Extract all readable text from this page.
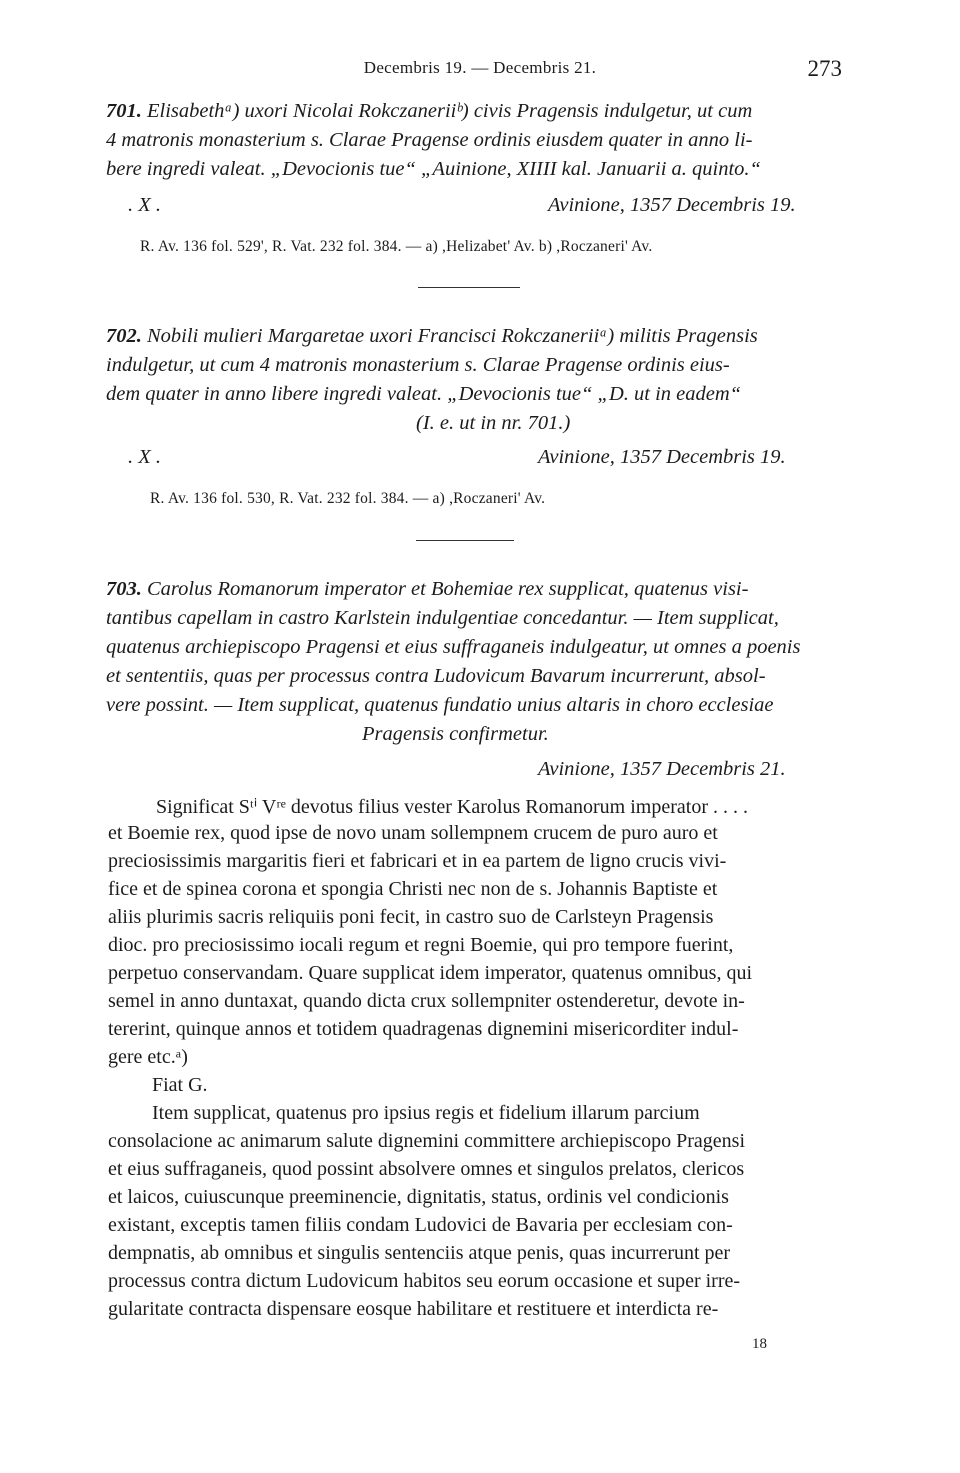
Decembris 19. — Decembris 21.	273
701. Elisabethᵃ) uxori Nicolai Rokczaneriiᵇ) civis Pragensis indulgetur, ut cum
4 matronis monasterium s. Clarae Pragense ordinis eiusdem quater in anno li-
bere ingredi valeat. „Devocionis tue“ „Auinione, XIIII kal. Januarii a. quinto.“
. X .	Avinione, 1357 Decembris 19.
R. Av. 136 fol. 529', R. Vat. 232 fol. 384. — a) ,Helizabet' Av. b) ,Roczaneri' Av.
702. Nobili mulieri Margaretae uxori Francisci Rokczaneriiᵃ) militis Pragensis
indulgetur, ut cum 4 matronis monasterium s. Clarae Pragense ordinis eius-
dem quater in anno libere ingredi valeat. „Devocionis tue“ „D. ut in eadem“
(I. e. ut in nr. 701.)
. X .	Avinione, 1357 Decembris 19.
R. Av. 136 fol. 530, R. Vat. 232 fol. 384. — a) ,Roczaneri' Av.
703. Carolus Romanorum imperator et Bohemiae rex supplicat, quatenus visi-
tantibus capellam in castro Karlstein indulgentiae concedantur. — Item supplicat,
quatenus archiepiscopo Pragensi et eius suffraganeis indulgeatur, ut omnes a poenis
et sententiis, quas per processus contra Ludovicum Bavarum incurrerunt, absol-
vere possint. — Item supplicat, quatenus fundatio unius altaris in choro ecclesiae
Pragensis confirmetur.
Avinione, 1357 Decembris 21.
Significat Sᵗⁱ Vʳᵉ devotus filius vester Karolus Romanorum imperator . . . .
et Boemie rex, quod ipse de novo unam sollempnem crucem de puro auro et
preciosissimis margaritis fieri et fabricari et in ea partem de ligno crucis vivi-
fice et de spinea corona et spongia Christi nec non de s. Johannis Baptiste et
aliis plurimis sacris reliquiis poni fecit, in castro suo de Carlsteyn Pragensis
dioc. pro preciosissimo iocali regum et regni Boemie, qui pro tempore fuerint,
perpetuo conservandam. Quare supplicat idem imperator, quatenus omnibus, qui
semel in anno duntaxat, quando dicta crux sollempniter ostenderetur, devote in-
tererint, quinque annos et totidem quadragenas dignemini misericorditer indul-
gere etc.ᵃ)
Fiat G.
Item supplicat, quatenus pro ipsius regis et fidelium illarum parcium
consolacione ac animarum salute dignemini committere archiepiscopo Pragensi
et eius suffraganeis, quod possint absolvere omnes et singulos prelatos, clericos
et laicos, cuiuscunque preeminencie, dignitatis, status, ordinis vel condicionis
existant, exceptis tamen filiis condam Ludovici de Bavaria per ecclesiam con-
dempnatis, ab omnibus et singulis sentenciis atque penis, quas incurrerunt per
processus contra dictum Ludovicum habitos seu eorum occasione et super irre-
gularitate contracta dispensare eosque habilitare et restituere et interdicta re-
18
